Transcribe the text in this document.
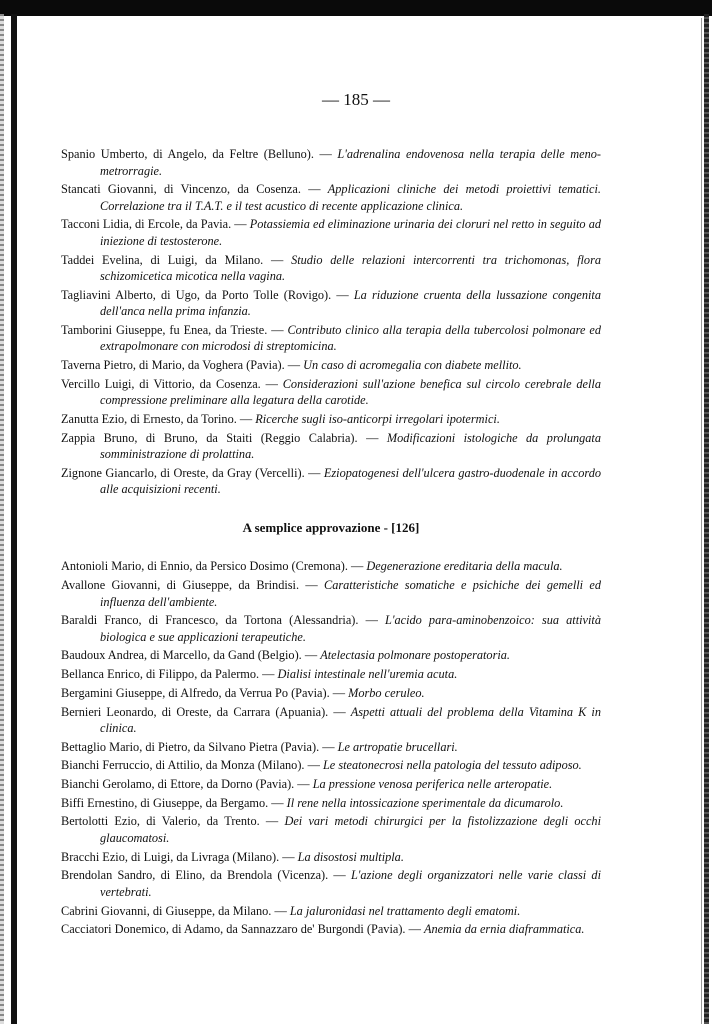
— 185 —

Spanio Umberto, di Angelo, da Feltre (Belluno). — L'adrenalina endovenosa nella terapia delle meno-metrorragie.

Stancati Giovanni, di Vincenzo, da Cosenza. — Applicazioni cliniche dei metodi proiettivi tematici. Correlazione tra il T.A.T. e il test acustico di recente applicazione clinica.

Tacconi Lidia, di Ercole, da Pavia. — Potassiemia ed eliminazione urinaria dei cloruri nel retto in seguito ad iniezione di testosterone.

Taddei Evelina, di Luigi, da Milano. — Studio delle relazioni intercorrenti tra trichomonas, flora schizomicetica micotica nella vagina.

Tagliavini Alberto, di Ugo, da Porto Tolle (Rovigo). — La riduzione cruenta della lussazione congenita dell'anca nella prima infanzia.

Tamborini Giuseppe, fu Enea, da Trieste. — Contributo clinico alla terapia della tubercolosi polmonare ed extrapolmonare con microdosi di streptomicina.

Taverna Pietro, di Mario, da Voghera (Pavia). — Un caso di acromegalia con diabete mellito.

Vercillo Luigi, di Vittorio, da Cosenza. — Considerazioni sull'azione benefica sul circolo cerebrale della compressione preliminare alla legatura della carotide.

Zanutta Ezio, di Ernesto, da Torino. — Ricerche sugli iso-anticorpi irregolari ipotermici.

Zappia Bruno, di Bruno, da Staiti (Reggio Calabria). — Modificazioni istologiche da prolungata somministrazione di prolattina.

Zignone Giancarlo, di Oreste, da Gray (Vercelli). — Eziopatogenesi dell'ulcera gastro-duodenale in accordo alle acquisizioni recenti.

A semplice approvazione - [126]

Antonioli Mario, di Ennio, da Persico Dosimo (Cremona). — Degenerazione ereditaria della macula.

Avallone Giovanni, di Giuseppe, da Brindisi. — Caratteristiche somatiche e psichiche dei gemelli ed influenza dell'ambiente.

Baraldi Franco, di Francesco, da Tortona (Alessandria). — L'acido para-aminobenzoico: sua attività biologica e sue applicazioni terapeutiche.

Baudoux Andrea, di Marcello, da Gand (Belgio). — Atelectasia polmonare postoperatoria.

Bellanca Enrico, di Filippo, da Palermo. — Dialisi intestinale nell'uremia acuta.

Bergamini Giuseppe, di Alfredo, da Verrua Po (Pavia). — Morbo ceruleo.

Bernieri Leonardo, di Oreste, da Carrara (Apuania). — Aspetti attuali del problema della Vitamina K in clinica.

Bettaglio Mario, di Pietro, da Silvano Pietra (Pavia). — Le artropatie brucellari.

Bianchi Ferruccio, di Attilio, da Monza (Milano). — Le steatonecrosi nella patologia del tessuto adiposo.

Bianchi Gerolamo, di Ettore, da Dorno (Pavia). — La pressione venosa periferica nelle arteropatie.

Biffi Ernestino, di Giuseppe, da Bergamo. — Il rene nella intossicazione sperimentale da dicumarolo.

Bertolotti Ezio, di Valerio, da Trento. — Dei vari metodi chirurgici per la fistolizzazione degli occhi glaucomatosi.

Bracchi Ezio, di Luigi, da Livraga (Milano). — La disostosi multipla.

Brendolan Sandro, di Elino, da Brendola (Vicenza). — L'azione degli organizzatori nelle varie classi di vertebrati.

Cabrini Giovanni, di Giuseppe, da Milano. — La jaluronidasi nel trattamento degli ematomi.

Cacciatori Donemico, di Adamo, da Sannazzaro de' Burgondi (Pavia). — Anemia da ernia diaframmatica.
